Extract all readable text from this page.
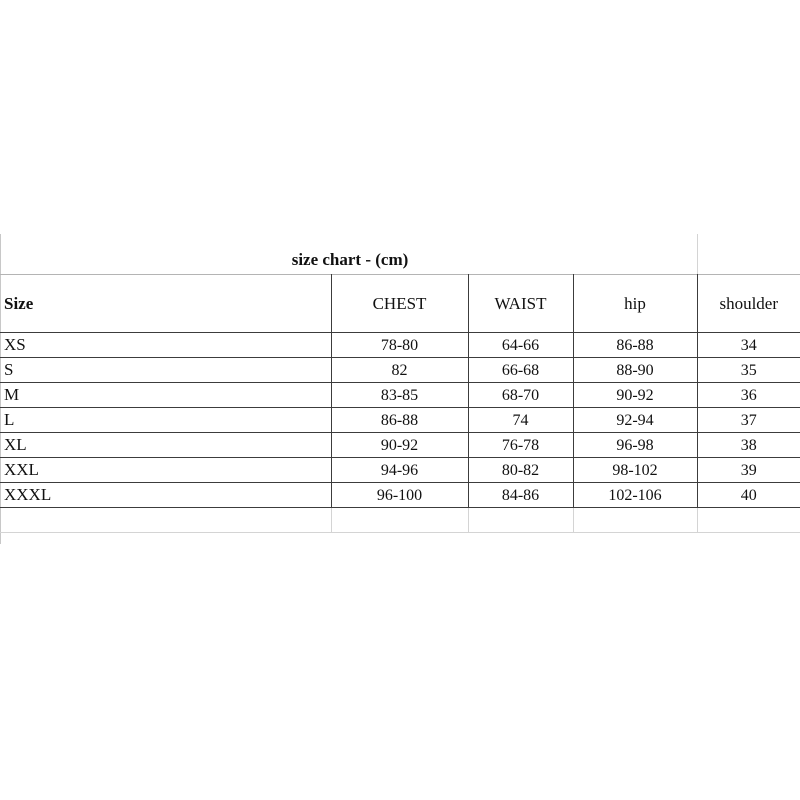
size chart - (cm)
Size	CHEST	WAIST	hip	shoulder
XS	78-80	64-66	86-88	34
S	82	66-68	88-90	35
M	83-85	68-70	90-92	36
L	86-88	74	92-94	37
XL	90-92	76-78	96-98	38
XXL	94-96	80-82	98-102	39
XXXL	96-100	84-86	102-106	40
